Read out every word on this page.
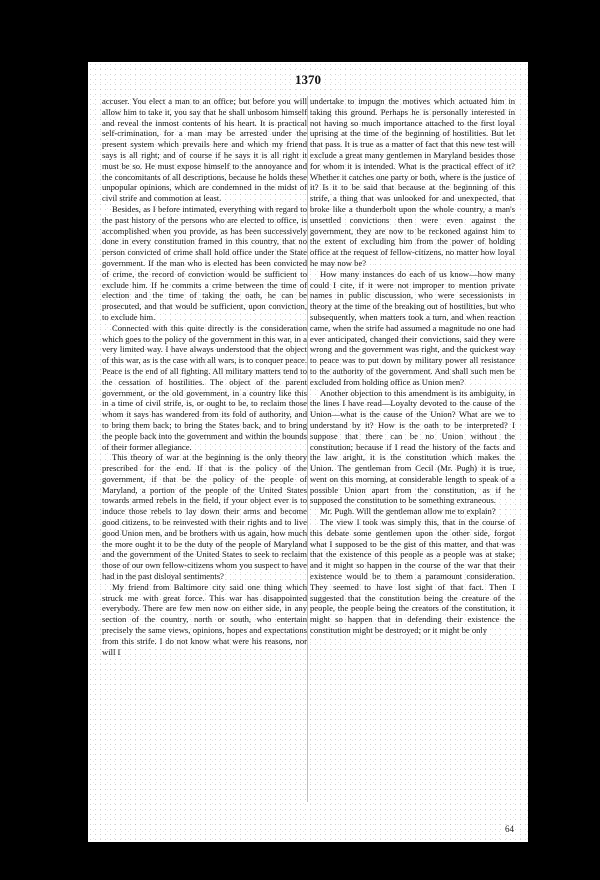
1370

accuser. You elect a man to an office; but before you will allow him to take it, you say that he shall unbosom himself and reveal the inmost contents of his heart. It is practical self-crimination, for a man may be arrested under the present system which prevails here and which my friend says is all right; and of course if he says it is all right it must be so. He must expose himself to the annoyance and the concomitants of all descriptions, because he holds these unpopular opinions, which are condemned in the midst of civil strife and commotion at least.

Besides, as I before intimated, everything with regard to the past history of the persons who are elected to office, is accomplished when you provide, as has been successively done in every constitution framed in this country, that no person convicted of crime shall hold office under the State government. If the man who is elected has been convicted of crime, the record of conviction would be sufficient to exclude him. If he commits a crime between the time of election and the time of taking the oath, he can be prosecuted, and that would be sufficient, upon conviction, to exclude him.

Connected with this quite directly is the consideration which goes to the policy of the government in this war, in a very limited way. I have always understood that the object of this war, as is the case with all wars, is to conquer peace. Peace is the end of all fighting. All military matters tend to the cessation of hostilities. The object of the parent government, or the old government, in a country like this in a time of civil strife, is, or ought to be, to reclaim those whom it says has wandered from its fold of authority, and to bring them back; to bring the States back, and to bring the people back into the government and within the bounds of their former allegiance.

This theory of war at the beginning is the only theory prescribed for the end. If that is the policy of the government, if that be the policy of the people of Maryland, a portion of the people of the United States towards armed rebels in the field, if your object ever is to induce those rebels to lay down their arms and become good citizens, to be reinvested with their rights and to live good Union men, and be brothers with us again, how much the more ought it to be the duty of the people of Maryland and the government of the United States to seek to reclaim those of our own fellow-citizens whom you suspect to have had in the past disloyal sentiments?

My friend from Baltimore city said one thing which struck me with great force. This war has disappointed everybody. There are few men now on either side, in any section of the country, north or south, who entertain precisely the same views, opinions, hopes and expectations from this strife. I do not know what were his reasons, nor will I

undertake to impugn the motives which actuated him in taking this ground. Perhaps he is personally interested in not having so much importance attached to the first loyal uprising at the time of the beginning of hostilities. But let that pass. It is true as a matter of fact that this new test will exclude a great many gentlemen in Maryland besides those for whom it is intended. What is the practical effect of it? Whether it catches one party or both, where is the justice of it? Is it to be said that because at the beginning of this strife, a thing that was unlooked for and unexpected, that broke like a thunderbolt upon the whole country, a man's unsettled convictions then were even against the government, they are now to be reckoned against him to the extent of excluding him from the power of holding office at the request of fellow-citizens, no matter how loyal he may now be?

How many instances do each of us know—how many could I cite, if it were not improper to mention private names in public discussion, who were secessionists in theory at the time of the breaking out of hostilities, but who subsequently, when matters took a turn, and when reaction came, when the strife had assumed a magnitude no one had ever anticipated, changed their convictions, said they were wrong and the government was right, and the quickest way to peace was to put down by military power all resistance to the authority of the government. And shall such men be excluded from holding office as Union men?

Another objection to this amendment is its ambiguity, in the lines I have read—Loyalty devoted to the cause of the Union—what is the cause of the Union? What are we to understand by it? How is the oath to be interpreted? I suppose that there can be no Union without the constitution; because if I read the history of the facts and the law aright, it is the constitution which makes the Union. The gentleman from Cecil (Mr. Pugh) it is true, went on this morning, at considerable length to speak of a possible Union apart from the constitution, as if he supposed the constitution to be something extraneous.

Mr. Pugh. Will the gentleman allow me to explain?

The view I took was simply this, that in the course of this debate some gentlemen upon the other side, forgot what I supposed to be the gist of this matter, and that was that the existence of this people as a people was at stake; and it might so happen in the course of the war that their existence would be to them a paramount consideration. They seemed to have lost sight of that fact. Then I suggested that the constitution being the creature of the people, the people being the creators of the constitution, it might so happen that in defending their existence the constitution might be destroyed; or it might be only

64
